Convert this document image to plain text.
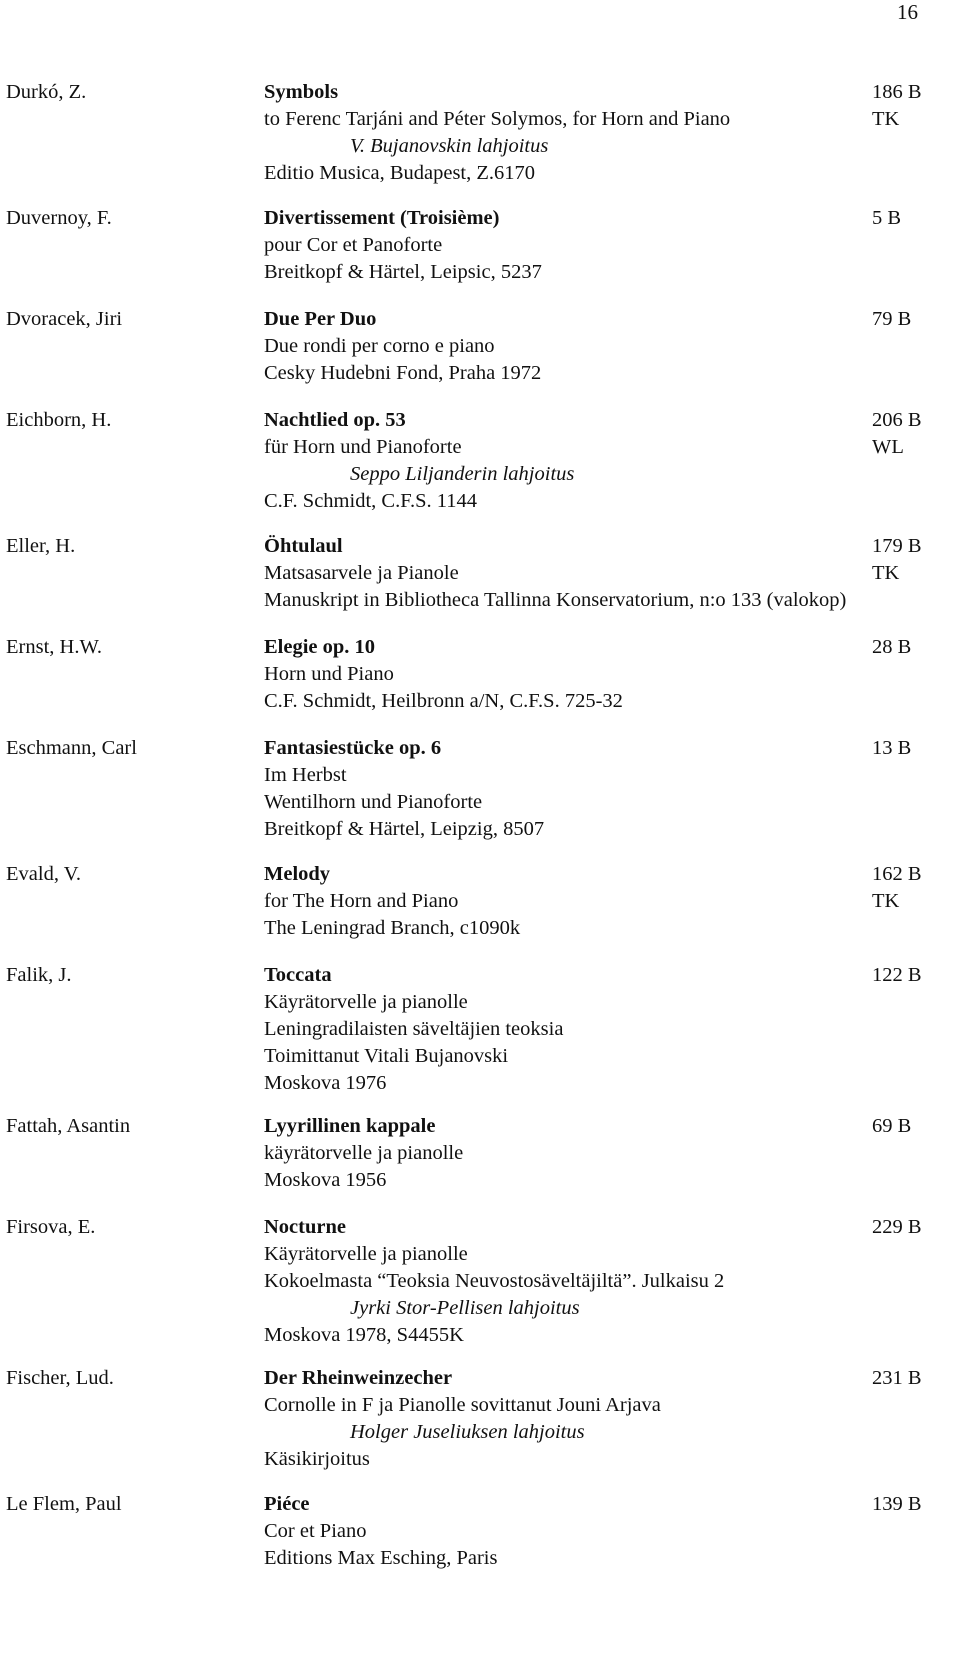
16
Durkó, Z.	Symbols	186 B
to Ferenc Tarjáni and Péter Solymos, for Horn and Piano	TK
V. Bujanovskin lahjoitus
Editio Musica, Budapest, Z.6170
Duvernoy, F.	Divertissement (Troisième)	5 B
pour Cor et Panoforte
Breitkopf & Härtel, Leipsic, 5237
Dvoracek, Jiri	Due Per Duo	79 B
Due rondi per corno e piano
Cesky Hudebni Fond, Praha 1972
Eichborn, H.	Nachtlied op. 53	206 B
für Horn und Pianoforte	WL
Seppo Liljanderin lahjoitus
C.F. Schmidt, C.F.S. 1144
Eller, H.	Öhtulaul	179 B
Matsasarvele ja Pianole	TK
Manuskript in Bibliotheca Tallinna Konservatorium, n:o 133 (valokop)
Ernst, H.W.	Elegie op. 10	28 B
Horn und Piano
C.F. Schmidt, Heilbronn a/N, C.F.S. 725-32
Eschmann, Carl	Fantasiestücke op. 6	13 B
Im Herbst
Wentilhorn und Pianoforte
Breitkopf & Härtel, Leipzig, 8507
Evald, V.	Melody	162 B
for The Horn and Piano	TK
The Leningrad Branch, c1090k
Falik, J.	Toccata	122 B
Käyrätorvelle ja pianolle
Leningradilaisten säveltäjien teoksia
Toimittanut Vitali Bujanovski
Moskova 1976
Fattah, Asantin	Lyyrillinen kappale	69 B
käyrätorvelle ja pianolle
Moskova 1956
Firsova, E.	Nocturne	229 B
Käyrätorvelle ja pianolle
Kokoelmasta “Teoksia Neuvostosäveltäjiltä”. Julkaisu 2
Jyrki Stor-Pellisen lahjoitus
Moskova 1978, S4455K
Fischer, Lud.	Der Rheinweinzecher	231 B
Cornolle in F ja Pianolle sovittanut Jouni Arjava
Holger Juseliuksen lahjoitus
Käsikirjoitus
Le Flem, Paul	Piéce	139 B
Cor et Piano
Editions Max Esching, Paris
